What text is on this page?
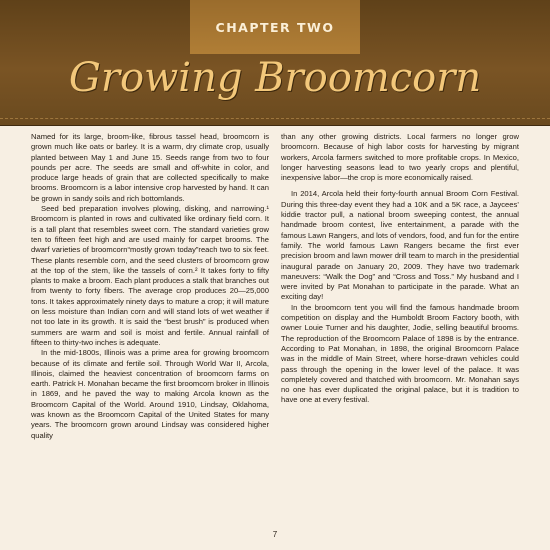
CHAPTER TWO
Growing Broomcorn

Named for its large, broom-like, fibrous tassel head, broomcorn is grown much like oats or barley. It is a warm, dry climate crop, usually planted between May 1 and June 15. Seeds range from two to four pounds per acre. The seeds are small and off-white in color, and produce large heads of grain that are collected specifically to make brooms. Broomcorn is a labor intensive crop harvested by hand. It can be grown in sandy soils and rich bottomlands.

Seed bed preparation involves plowing, disking, and narrowing.¹ Broomcorn is planted in rows and cultivated like ordinary field corn. It is a tall plant that resembles sweet corn. The standard varieties grow ten to fifteen feet high and are used mainly for carpet brooms. The dwarf varieties of broomcorn“mostly grown today”reach two to six feet. These plants resemble corn, and the seed clusters of broomcorn grow at the top of the stem, like the tassels of corn.² It takes forty to fifty plants to make a broom. Each plant produces a stalk that branches out from twenty to forty fibers. The average crop produces 20—25,000 tons. It takes approximately ninety days to mature a crop; it will mature on less moisture than Indian corn and will stand lots of wet weather if not too late in its growth. It is said the “best brush” is produced when summers are warm and soil is moist and fertile. Annual rainfall of fifteen to thirty-two inches is adequate.

In the mid-1800s, Illinois was a prime area for growing broomcorn because of its climate and fertile soil. Through World War II, Arcola, Illinois, claimed the heaviest concentration of broomcorn farms on earth. Patrick H. Monahan became the first broomcorn broker in Illinois in 1869, and he paved the way to making Arcola known as the Broomcorn Capital of the World. Around 1910, Lindsay, Oklahoma, was known as the Broomcorn Capital of the United States for many years. The broomcorn grown around Lindsay was considered higher quality

than any other growing districts. Local farmers no longer grow broomcorn. Because of high labor costs for harvesting by migrant workers, Arcola farmers switched to more profitable crops. In Mexico, longer harvesting seasons lead to two yearly crops and plentiful, inexpensive labor—the crop is more economically raised.

In 2014, Arcola held their forty-fourth annual Broom Corn Festival. During this three-day event they had a 10K and a 5K race, a Jaycees’ kiddie tractor pull, a national broom sweeping contest, the annual handmade broom contest, live entertainment, a parade with the famous Lawn Rangers, and lots of vendors, food, and fun for the entire family. The world famous Lawn Rangers became the first ever precision broom and lawn mower drill team to march in the presidential inaugural parade on January 20, 2009. They have two trademark maneuvers: “Walk the Dog” and “Cross and Toss.” My husband and I were invited by Pat Monahan to participate in the parade. What an exciting day!

In the broomcorn tent you will find the famous handmade broom competition on display and the Humboldt Broom Factory booth, with owner Louie Turner and his daughter, Jodie, selling beautiful brooms. The reproduction of the Broomcorn Palace of 1898 is by the entrance. According to Pat Monahan, in 1898, the original Broomcorn Palace was in the middle of Main Street, where horse-drawn vehicles could pass through the opening in the lower level of the palace. It was completely covered and thatched with broomcorn. Mr. Monahan says no one has ever duplicated the original palace, but it is tradition to have one at every festival.

7
